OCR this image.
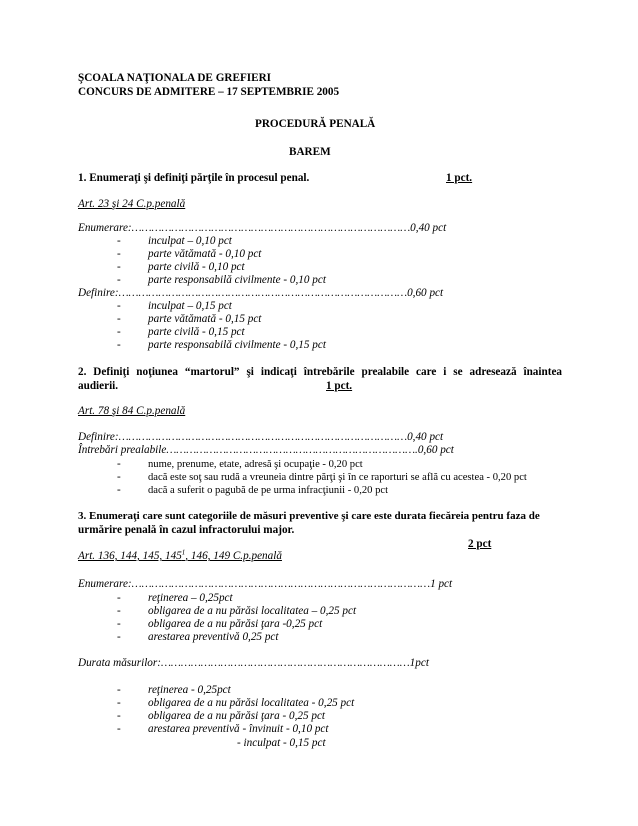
ŞCOALA NAŢIONALA DE GREFIERI
CONCURS DE ADMITERE – 17 SEPTEMBRIE 2005
PROCEDURĂ PENALĂ
BAREM
1. Enumeraţi şi definiţi părţile în procesul penal.	1 pct.
Art. 23 şi 24 C.p.penală
Enumerare:…………………………………………………………………………0,40 pct
- inculpat – 0,10 pct
- parte vătămată - 0,10 pct
- parte civilă - 0,10 pct
- parte responsabilă civilmente - 0,10 pct
Definire:……………………………………………………………………………0,60 pct
- inculpat – 0,15 pct
- parte vătămată - 0,15 pct
- parte civilă - 0,15 pct
- parte responsabilă civilmente - 0,15 pct
2. Definiţi noţiunea “martorul” şi indicaţi întrebările prealabile care i se adresează înaintea
audierii.	1 pct.
Art. 78 şi 84 C.p.penală
Definire:……………………………………………………………………………0,40 pct
Întrebări prealabile………………………………………………………………….0,60 pct
-	nume, prenume, etate, adresă şi ocupaţie - 0,20 pct
-	dacă este soţ sau rudă a vreuneia dintre părţi şi în ce raporturi se află cu acestea - 0,20 pct
-	dacă a suferit o pagubă de pe urma infracţiunii - 0,20 pct
3. Enumeraţi care sunt categoriile de măsuri preventive şi care este durata fiecăreia pentru faza de
urmărire penală în cazul infractorului major.
2 pct
Art. 136, 144, 145, $145^1$, 146, 149 C.p.penală
Enumerare:………………………………………………………………………………1 pct
- reţinerea – 0,25pct
- obligarea de a nu părăsi localitatea – 0,25 pct
- obligarea de a nu părăsi ţara -0,25 pct
- arestarea preventivă 0,25 pct
Durata măsurilor:…………………………………………………………………1pct
- reţinerea - 0,25pct
- obligarea de a nu părăsi localitatea - 0,25 pct
- obligarea de a nu părăsi ţara - 0,25 pct
- arestarea preventivă - învinuit - 0,10 pct
- inculpat - 0,15 pct
